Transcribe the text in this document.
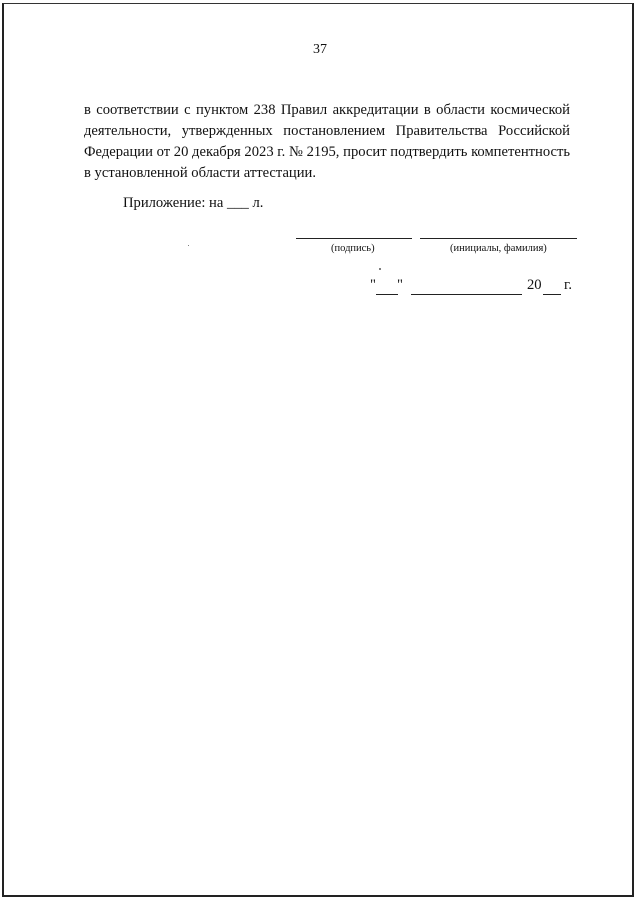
37

в соответствии с пунктом 238 Правил аккредитации в области космической деятельности, утвержденных постановлением Правительства Российской Федерации от 20 декабря 2023 г. № 2195, просит подтвердить компетентность в установленной области аттестации.

Приложение: на ___ л.
(подпись)	(инициалы, фамилия)
" "	20 г.
